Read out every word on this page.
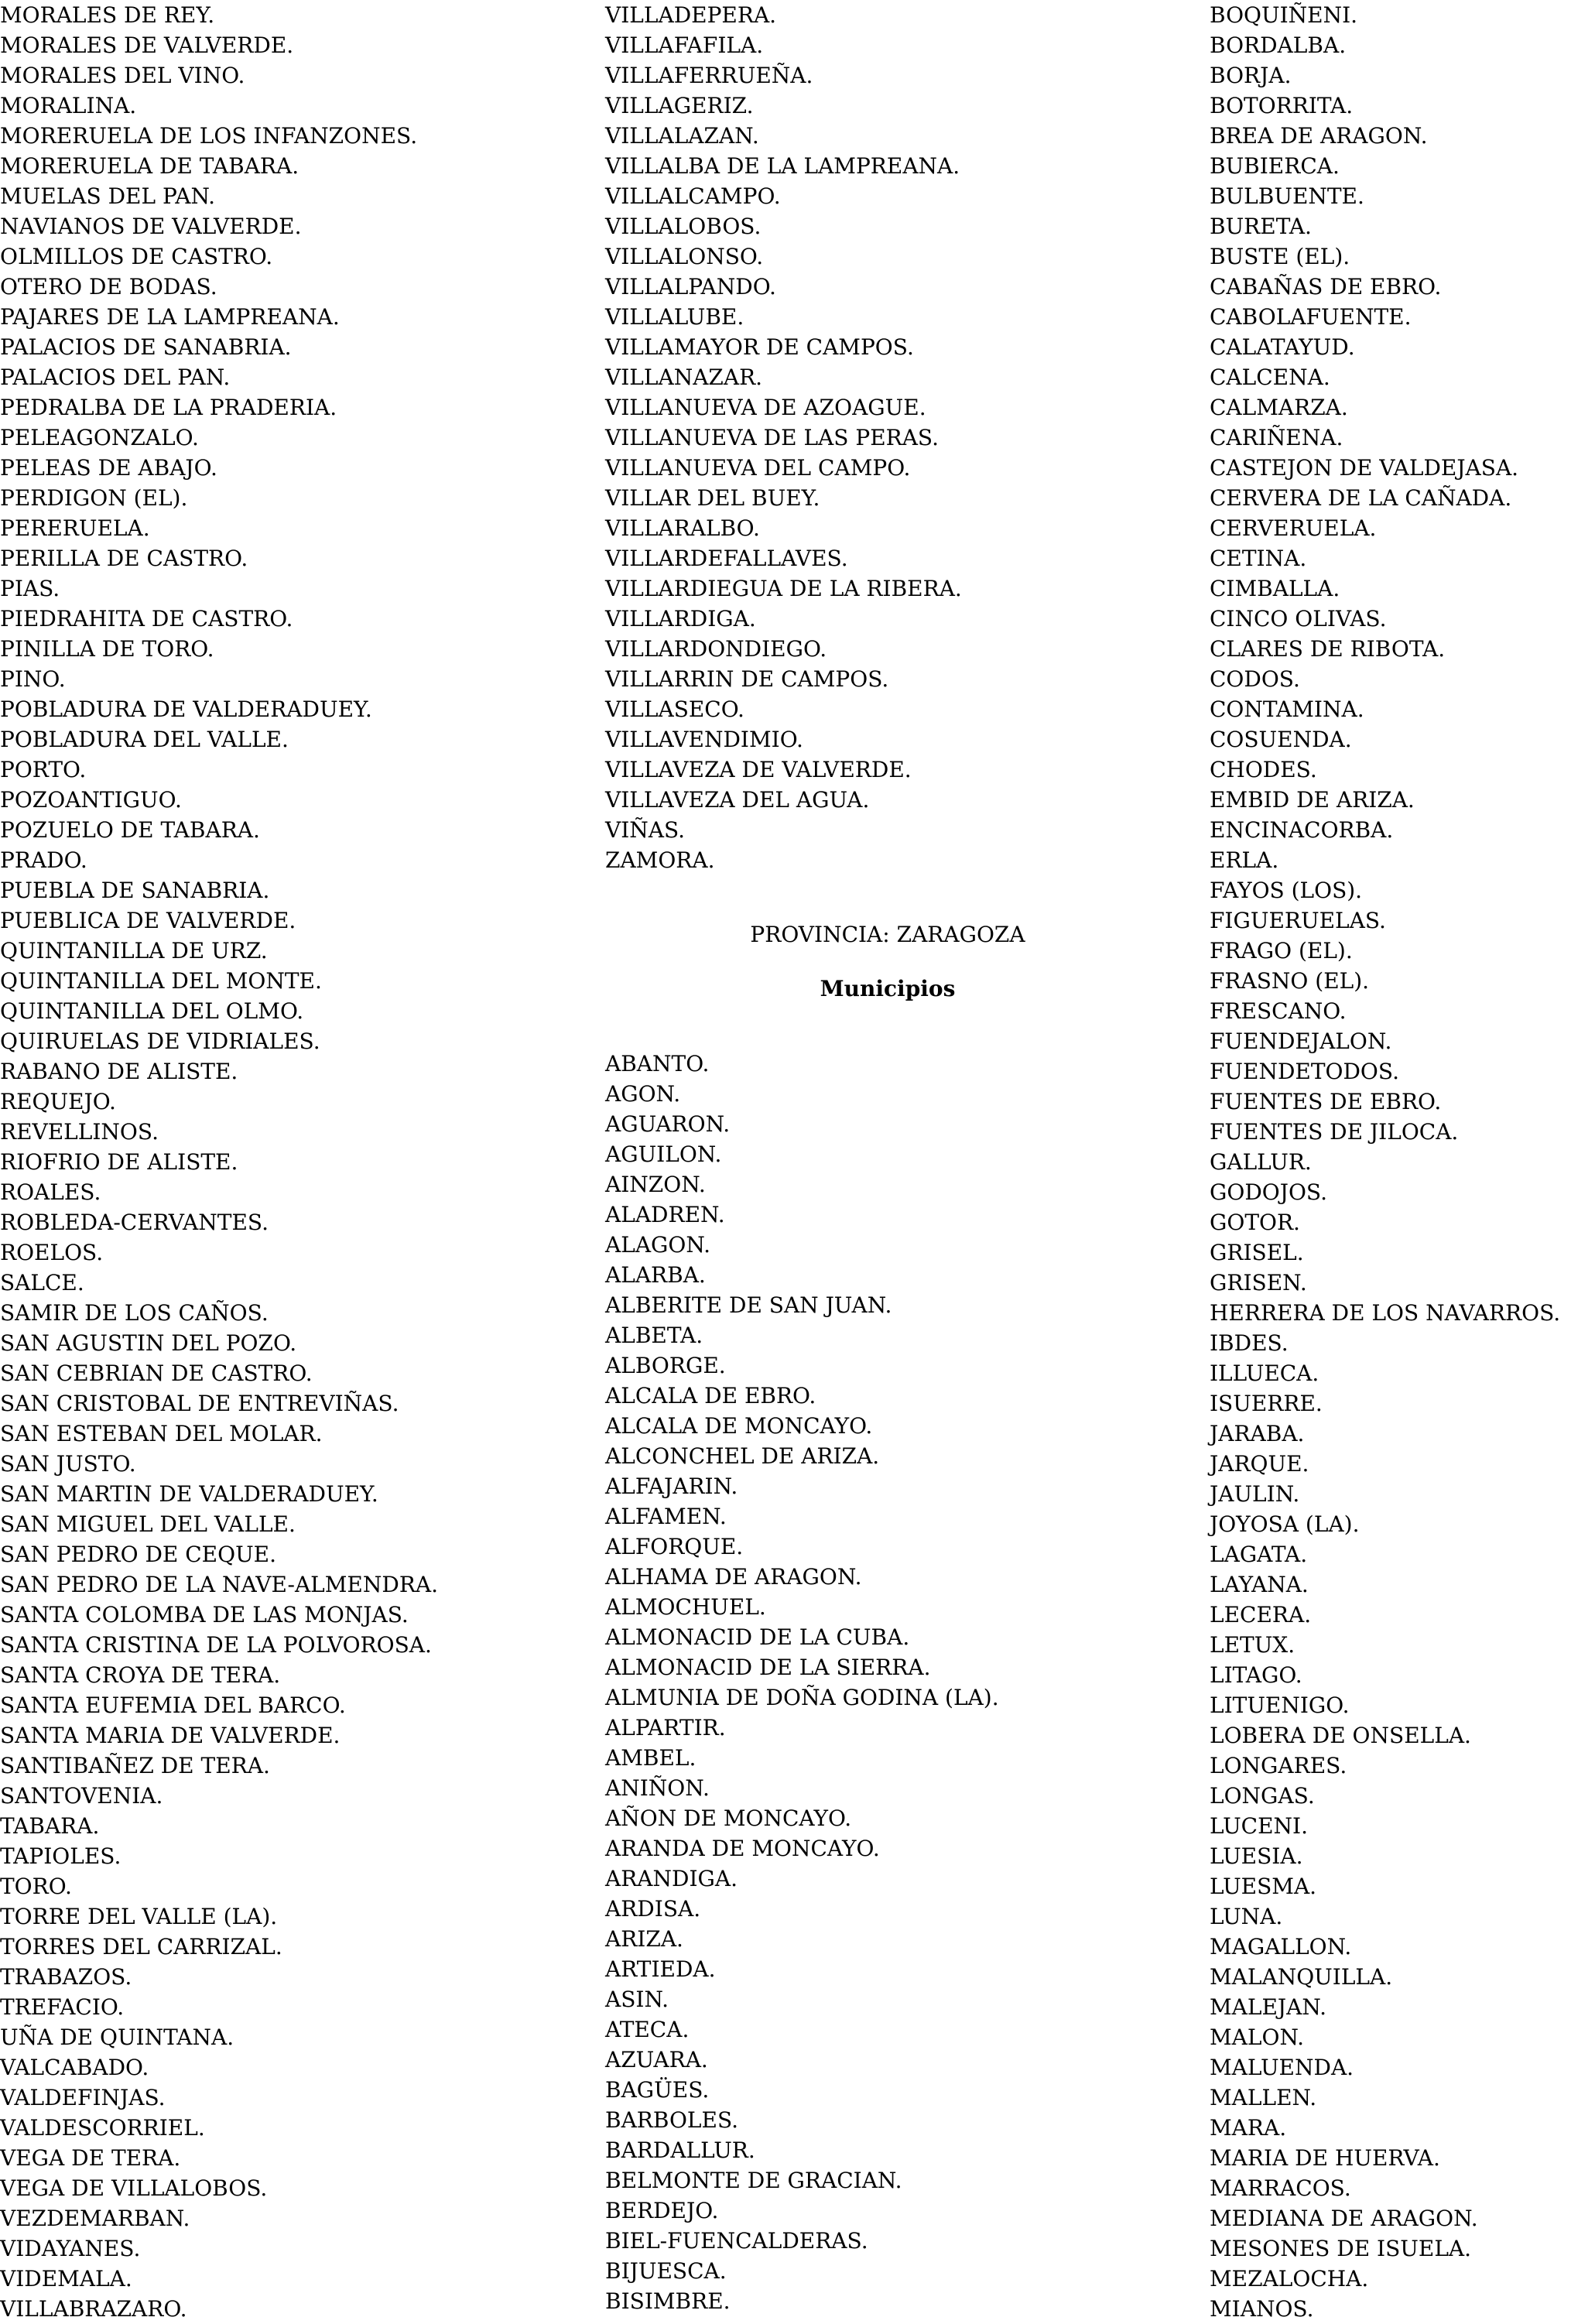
MORALES DE REY.
MORALES DE VALVERDE.
MORALES DEL VINO.
MORALINA.
MORERUELA DE LOS INFANZONES.
MORERUELA DE TABARA.
MUELAS DEL PAN.
NAVIANOS DE VALVERDE.
OLMILLOS DE CASTRO.
OTERO DE BODAS.
PAJARES DE LA LAMPREANA.
PALACIOS DE SANABRIA.
PALACIOS DEL PAN.
PEDRALBA DE LA PRADERIA.
PELEAGONZALO.
PELEAS DE ABAJO.
PERDIGON (EL).
PERERUELA.
PERILLA DE CASTRO.
PIAS.
PIEDRAHITA DE CASTRO.
PINILLA DE TORO.
PINO.
POBLADURA DE VALDERADUEY.
POBLADURA DEL VALLE.
PORTO.
POZOANTIGUO.
POZUELO DE TABARA.
PRADO.
PUEBLA DE SANABRIA.
PUEBLICA DE VALVERDE.
QUINTANILLA DE URZ.
QUINTANILLA DEL MONTE.
QUINTANILLA DEL OLMO.
QUIRUELAS DE VIDRIALES.
RABANO DE ALISTE.
REQUEJO.
REVELLINOS.
RIOFRIO DE ALISTE.
ROALES.
ROBLEDA-CERVANTES.
ROELOS.
SALCE.
SAMIR DE LOS CAÑOS.
SAN AGUSTIN DEL POZO.
SAN CEBRIAN DE CASTRO.
SAN CRISTOBAL DE ENTREVIÑAS.
SAN ESTEBAN DEL MOLAR.
SAN JUSTO.
SAN MARTIN DE VALDERADUEY.
SAN MIGUEL DEL VALLE.
SAN PEDRO DE CEQUE.
SAN PEDRO DE LA NAVE-ALMENDRA.
SANTA COLOMBA DE LAS MONJAS.
SANTA CRISTINA DE LA POLVOROSA.
SANTA CROYA DE TERA.
SANTA EUFEMIA DEL BARCO.
SANTA MARIA DE VALVERDE.
SANTIBAÑEZ DE TERA.
SANTOVENIA.
TABARA.
TAPIOLES.
TORO.
TORRE DEL VALLE (LA).
TORRES DEL CARRIZAL.
TRABAZOS.
TREFACIO.
UÑA DE QUINTANA.
VALCABADO.
VALDEFINJAS.
VALDESCORRIEL.
VEGA DE TERA.
VEGA DE VILLALOBOS.
VEZDEMARBAN.
VIDAYANES.
VIDEMALA.
VILLABRAZARO.
VILLADEPERA.
VILLAFAFILA.
VILLAFERRUEÑA.
VILLAGERIZ.
VILLALAZAN.
VILLALBA DE LA LAMPREANA.
VILLALCAMPO.
VILLALOBOS.
VILLALONSO.
VILLALPANDO.
VILLALUBE.
VILLAMAYOR DE CAMPOS.
VILLANAZAR.
VILLANUEVA DE AZOAGUE.
VILLANUEVA DE LAS PERAS.
VILLANUEVA DEL CAMPO.
VILLAR DEL BUEY.
VILLARALBO.
VILLARDEFALLAVES.
VILLARDIEGUA DE LA RIBERA.
VILLARDIGA.
VILLARDONDIEGO.
VILLARRIN DE CAMPOS.
VILLASECO.
VILLAVENDIMIO.
VILLAVEZA DE VALVERDE.
VILLAVEZA DEL AGUA.
VIÑAS.
ZAMORA.
PROVINCIA: ZARAGOZA
Municipios
ABANTO.
AGON.
AGUARON.
AGUILON.
AINZON.
ALADREN.
ALAGON.
ALARBA.
ALBERITE DE SAN JUAN.
ALBETA.
ALBORGE.
ALCALA DE EBRO.
ALCALA DE MONCAYO.
ALCONCHEL DE ARIZA.
ALFAJARIN.
ALFAMEN.
ALFORQUE.
ALHAMA DE ARAGON.
ALMOCHUEL.
ALMONACID DE LA CUBA.
ALMONACID DE LA SIERRA.
ALMUNIA DE DOÑA GODINA (LA).
ALPARTIR.
AMBEL.
ANIÑON.
AÑON DE MONCAYO.
ARANDA DE MONCAYO.
ARANDIGA.
ARDISA.
ARIZA.
ARTIEDA.
ASIN.
ATECA.
AZUARA.
BAGÜES.
BARBOLES.
BARDALLUR.
BELMONTE DE GRACIAN.
BERDEJO.
BIEL-FUENCALDERAS.
BIJUESCA.
BISIMBRE.
BOQUIÑENI.
BORDALBA.
BORJA.
BOTORRITA.
BREA DE ARAGON.
BUBIERCA.
BULBUENTE.
BURETA.
BUSTE (EL).
CABAÑAS DE EBRO.
CABOLAFUENTE.
CALATAYUD.
CALCENA.
CALMARZA.
CARIÑENA.
CASTEJON DE VALDEJASA.
CERVERA DE LA CAÑADA.
CERVERUELA.
CETINA.
CIMBALLA.
CINCO OLIVAS.
CLARES DE RIBOTA.
CODOS.
CONTAMINA.
COSUENDA.
CHODES.
EMBID DE ARIZA.
ENCINACORBA.
ERLA.
FAYOS (LOS).
FIGUERUELAS.
FRAGO (EL).
FRASNO (EL).
FRESCANO.
FUENDEJALON.
FUENDETODOS.
FUENTES DE EBRO.
FUENTES DE JILOCA.
GALLUR.
GODOJOS.
GOTOR.
GRISEL.
GRISEN.
HERRERA DE LOS NAVARROS.
IBDES.
ILLUECA.
ISUERRE.
JARABA.
JARQUE.
JAULIN.
JOYOSA (LA).
LAGATA.
LAYANA.
LECERA.
LETUX.
LITAGO.
LITUENIGO.
LOBERA DE ONSELLA.
LONGARES.
LONGAS.
LUCENI.
LUESIA.
LUESMA.
LUNA.
MAGALLON.
MALANQUILLA.
MALEJAN.
MALON.
MALUENDA.
MALLEN.
MARA.
MARIA DE HUERVA.
MARRACOS.
MEDIANA DE ARAGON.
MESONES DE ISUELA.
MEZALOCHA.
MIANOS.
